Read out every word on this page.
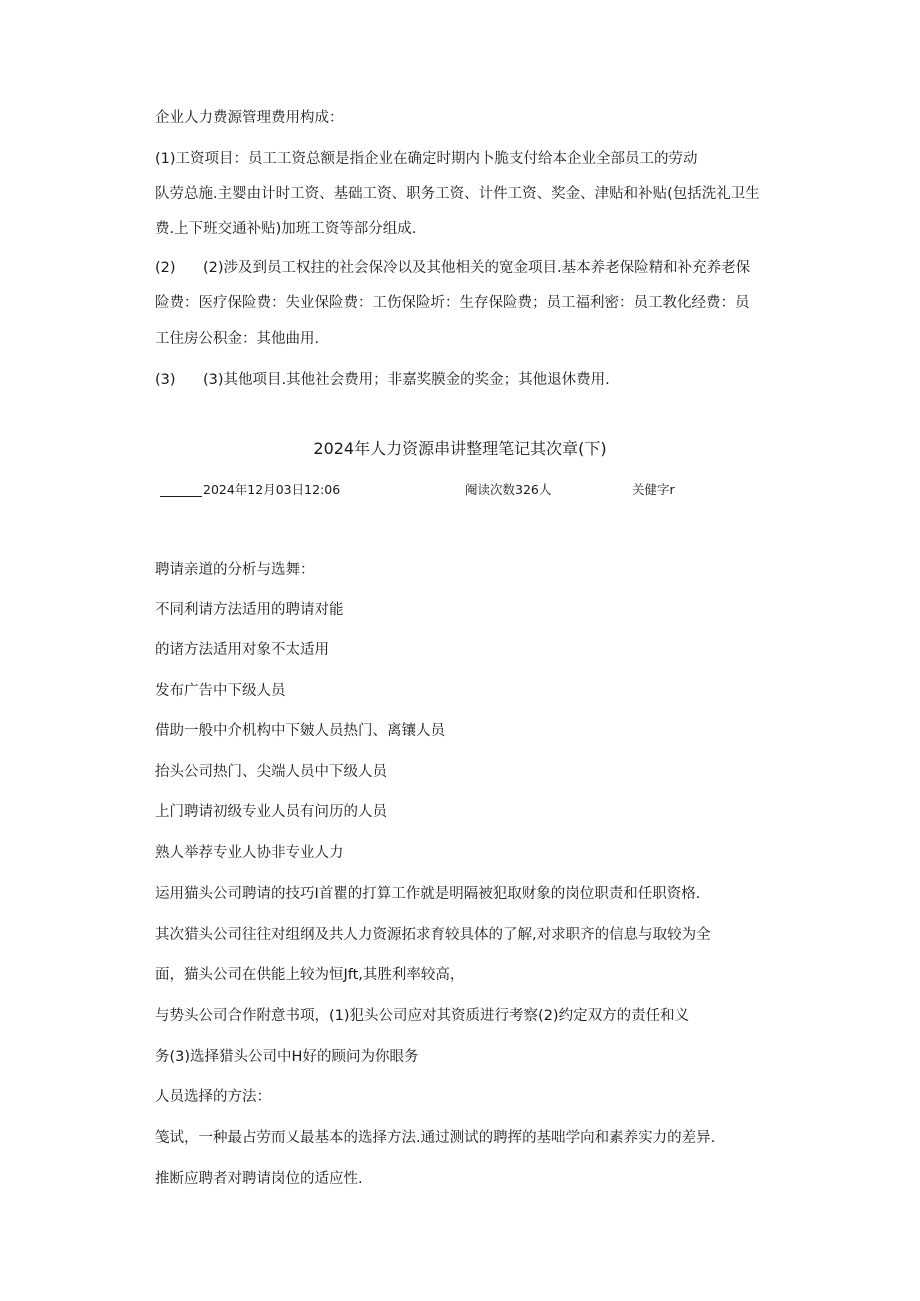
企业人力费源管理费用构成：
(1)工资项目：员工工资总额是指企业在确定时期内卜脆支付给本企业全部员工的劳动
队劳总施.主婴由计时工资、基础工资、职务工资、计件工资、奖金、津贴和补贴(包括洗礼卫生
费.上下班交通补贴)加班工资等部分组成.
(2) (2)涉及到员工权拄的社会保冷以及其他相关的宽金项目.基本养老保险精和补充养老保
险费：医疗保险费：失业保险费：工伤保险圻：生存保险费；员工福利密：员工教化经费：员
工住房公积金：其他曲用.
(3) (3)其他项目.其他社会费用；非嘉奖膜金的奖金；其他退休费用.
2024年人力资源串讲整理笔记其次章(下)
2024年12月03日12:06	阉读次数326人	关健字r
聘请亲道的分析与选舞：
不同利请方法适用的聘请对能
的诸方法适用对象不太适用
发布广告中下级人员
借助一般中介机构中下皴人员热门、离镶人员
抬头公司热门、尖端人员中下级人员
上门聘请初级专业人员有问历的人员
熟人举荐专业人协非专业人力
运用猫头公司聘请的技巧I首瞿的打算工作就是明隔被犯取财象的岗位职责和任职资格.
其次猎头公司往往对组纲及共人力资源拓求育较具体的了解,对求职齐的信息与取较为全
面，猫头公司在供能上较为恒Jft,其胜利率较高，
与势头公司合作附意书项，(1)犯头公司应对其资质进行考察(2)约定双方的责任和义
务(3)选择猎头公司中H好的顾问为你眼务
人员选择的方法：
笺试，一种最占劳而乂最基本的选择方法.通过测试的聘挥的基咄学向和素养实力的差异.
推断应聘者对聘请岗位的适应性.
